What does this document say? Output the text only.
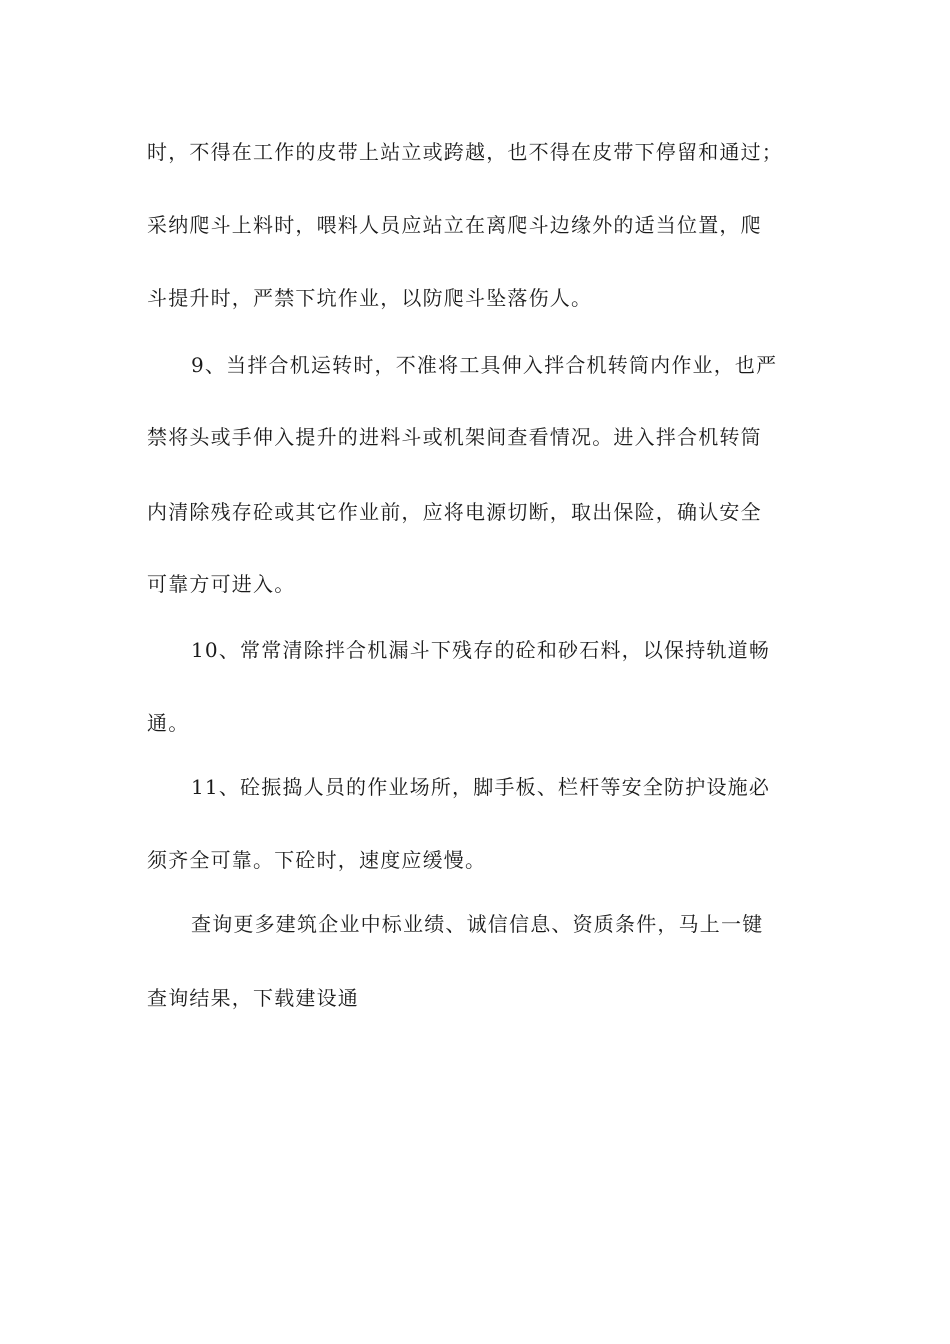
时，不得在工作的皮带上站立或跨越，也不得在皮带下停留和通过；
采纳爬斗上料时，喂料人员应站立在离爬斗边缘外的适当位置，爬
斗提升时，严禁下坑作业，以防爬斗坠落伤人。
9、当拌合机运转时，不准将工具伸入拌合机转筒内作业，也严
禁将头或手伸入提升的进料斗或机架间查看情况。进入拌合机转筒
内清除残存砼或其它作业前，应将电源切断，取出保险，确认安全
可靠方可进入。
10、常常清除拌合机漏斗下残存的砼和砂石料，以保持轨道畅
通。
11、砼振捣人员的作业场所，脚手板、栏杆等安全防护设施必
须齐全可靠。下砼时，速度应缓慢。
查询更多建筑企业中标业绩、诚信信息、资质条件，马上一键
查询结果，下载建设通
